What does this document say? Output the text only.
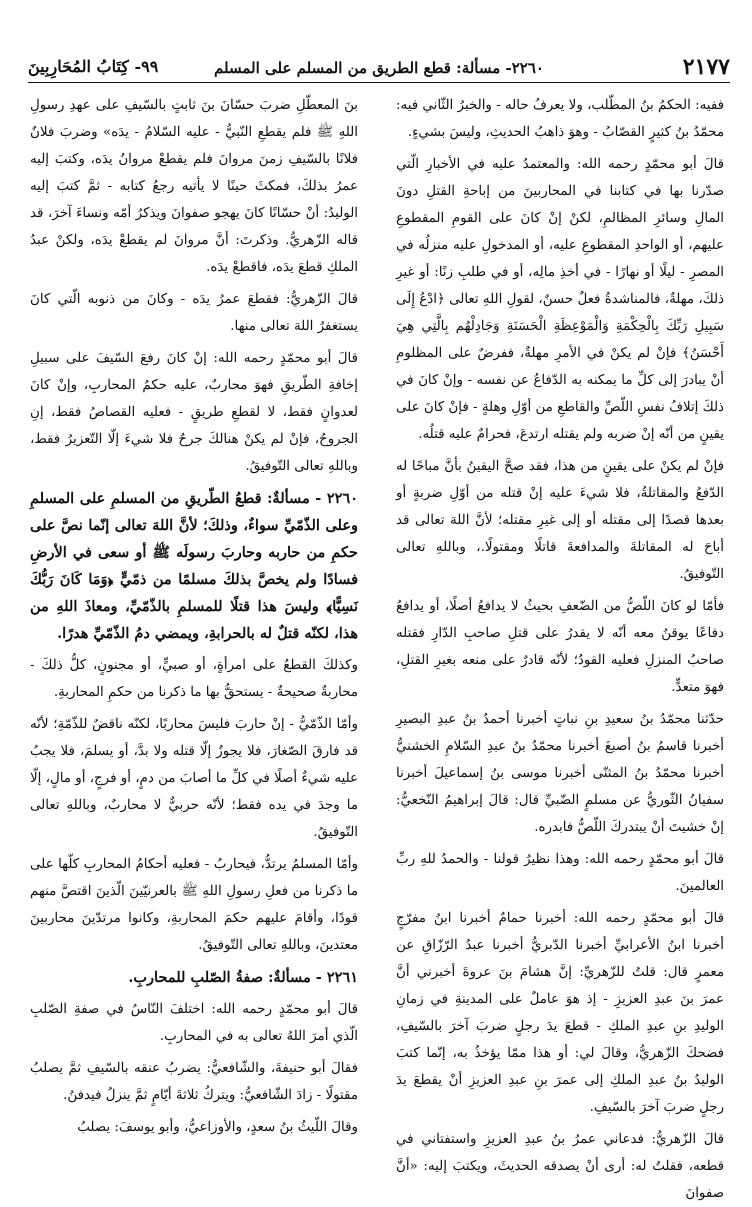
٢١٧٧
٢٢٦٠- مسألة: قطع الطريق من المسلم على المسلم
٩٩- كِتَابُ المُحَارِبِينَ

ففيه: الحكمُ بنُ المطّلب، ولا يعرفُ حاله - والخبرُ الثّاني فيه: محمّدُ بنُ كثيرٍ القصّابُ - وهوَ ذاهبُ الحديثِ، وليسَ بشيءٍ.

قالَ أبو محمّدٍ رحمه الله: والمعتمدُ عليه في الأخبارِ الّتي صدّرنا بها في كتابنا في المحاربينَ من إباحةِ القتلِ دونَ المالِ وسائرِ المظالمِ، لكنْ إنْ كانَ على القومِ المقطوعِ عليهم، أو الواحدِ المقطوعِ عليه، أو المدخولِ عليه منزلُه في المصرِ - ليلًا أو نهارًا - في أخذِ مالِه، أو في طلبِ زنًا: أو غيرِ ذلكَ، مهلةٌ، فالمناشدةُ فعلٌ حسنٌ، لقولِ اللهِ تعالى ﴿ادْعُ إِلَى سَبِيلِ رَبِّكَ بِالْحِكْمَةِ وَالْمَوْعِظَةِ الْحَسَنَةِ وَجَادِلْهُم بِالَّتِي هِيَ أَحْسَنُ﴾ فإنْ لم يكنْ في الأمرِ مهلةٌ، ففرضٌ على المظلومِ أنْ يبادرَ إلى كلِّ ما يمكنه به الدّفاعُ عن نفسه - وإنْ كانَ في ذلكَ إتلافُ نفسِ اللّصِّ والقاطعِ من أوّلِ وهلةٍ - فإنْ كانَ على يقينٍ من أنّه إنْ ضربه ولم يقتله ارتدعَ، فحرامٌ عليه قتلُه.

فإنْ لم يكنْ على يقينٍ من هذا، فقد صحَّ اليقينُ بأنَّ مباحًا له الدّفعُ والمقاتلةُ، فلا شيءَ عليه إنْ قتله من أوّلِ ضربةٍ أو بعدها قصدًا إلى مقتله أو إلى غيرِ مقتله؛ لأنَّ اللهَ تعالى قد أباحَ له المقاتلةَ والمدافعةَ قاتلًا ومقتولًا.، وباللهِ تعالى التّوفيقُ.

فأمّا لو كانَ اللّصُّ من الضّعفِ بحيثُ لا يدافعُ أصلًا، أو يدافعُ دفاعًا يوقنُ معه أنّه لا يقدرُ على قتلِ صاحبِ الدّارِ فقتله صاحبُ المنزلِ فعليه القودُ؛ لأنّه قادرٌ على منعه بغيرِ القتلِ، فهوَ متعدٍّ.

حدّثنا محمّدُ بنُ سعيدِ بنِ نباتٍ أخبرنا أحمدُ بنُ عبدِ البصيرِ أخبرنا قاسمُ بنُ أصبغَ أخبرنا محمّدُ بنُ عبدِ السّلامِ الخشنيُّ أخبرنا محمّدُ بنُ المثنّى أخبرنا موسى بنُ إسماعيلَ أخبرنا سفيانُ الثّوريُّ عن مسلمٍ الضّبيِّ قال: قالَ إبراهيمُ النّخعيُّ: إنْ خشيتَ أنْ يبتدركَ اللّصُّ فابدره.

قالَ أبو محمّدٍ رحمه الله: وهذا نظيرُ قولنا - والحمدُ للهِ ربِّ العالمينَ.

قالَ أبو محمّدٍ رحمه الله: أخبرنا حمامٌ أخبرنا ابنُ مفرّجٍ أخبرنا ابنُ الأعرابيِّ أخبرنا الدّبريُّ أخبرنا عبدُ الرّزّاقِ عن معمرٍ قال: قلتُ للزّهريِّ: إنَّ هشامَ بنَ عروةَ أخبرني أنَّ عمرَ بنَ عبدِ العزيزِ - إذ هوَ عاملٌ على المدينةِ في زمانِ الوليدِ بنِ عبدِ الملكِ - قطعَ يدَ رجلٍ ضربَ آخرَ بالسّيفِ، فضحكَ الزّهريُّ، وقالَ لي: أو هذا ممّا يؤخذُ به، إنّما كتبَ الوليدُ بنُ عبدِ الملكِ إلى عمرَ بنِ عبدِ العزيزِ أنْ يقطعَ يدَ رجلٍ ضربَ آخرَ بالسّيفِ.

قالَ الزّهريُّ: فدعاني عمرُ بنُ عبدِ العزيزِ واستفتاني في قطعه، فقلتُ له: أرى أنْ يصدقه الحديثَ، ويكتبَ إليه: «أنَّ صفوانَ

بنَ المعطّلِ ضربَ حسّانَ بنَ ثابتٍ بالسّيفِ على عهدِ رسولِ اللهِ ﷺ فلم يقطعِ النّبيُّ - عليه السّلامُ - يدَه» وضربَ فلانٌ فلانًا بالسّيفِ زمنَ مروانَ فلم يقطعْ مروانُ يدَه، وكتبَ إليه عمرُ بذلكَ، فمكثَ حينًا لا يأتيه رجعُ كتابه - ثمَّ كتبَ إليه الوليدُ: أنْ حسّانًا كانَ يهجو صفوانَ ويذكرُ أمّه ونساءَ آخرَ، قد قاله الزّهريُّ. وذكرتَ: أنَّ مروانَ لم يقطعْ يدَه، ولكنْ عبدُ الملكِ قطعَ يدَه، فاقطعْ يدَه.

قالَ الزّهريُّ: فقطعَ عمرُ يدَه - وكانَ من ذنوبه الّتي كانَ يستغفرُ اللهَ تعالى منها.

قالَ أبو محمّدٍ رحمه الله: إنْ كانَ رفعَ السّيفَ على سبيلِ إخافةِ الطّريقِ فهوَ محاربٌ، عليه حكمُ المحاربِ، وإنْ كانَ لعدوانٍ فقط، لا لقطعِ طريقٍ - فعليه القصاصُ فقط، إنِ الجروحُ، فإنْ لم يكنْ هنالكَ جرحٌ فلا شيءَ إلّا التّعزيرُ فقط، وباللهِ تعالى التّوفيقُ.

٢٢٦٠ - مسألةٌ: قطعُ الطّريقِ من المسلمِ على المسلمِ وعلى الذّمّيِّ سواءٌ، وذلكَ؛ لأنَّ اللهَ تعالى إنّما نصَّ على حكمِ من حاربه وحاربَ رسولَه ﷺ أو سعى في الأرضِ فسادًا ولم يخصَّ بذلكَ مسلمًا من ذمّيٍّ ﴿وَمَا كَانَ رَبُّكَ نَسِيًّا﴾ وليسَ هذا قتلًا للمسلمِ بالذّمّيِّ، ومعاذَ اللهِ من هذا، لكنّه قتلٌ له بالحرابةِ، ويمضي دمُ الذّمّيِّ هدرًا.

وكذلكَ القطعُ على امرأةٍ، أو صبيٍّ، أو مجنونٍ، كلُّ ذلكَ - محاربةٌ صحيحةٌ - يستحقُّ بها ما ذكرنا من حكمِ المحاربةِ.

وأمّا الذّمّيُّ - إنْ حاربَ فليسَ محاربًا، لكنّه ناقضٌ للذّمّةِ؛ لأنّه قد فارقَ الصّغارَ، فلا يجوزُ إلّا قتله ولا بدَّ، أو يسلمَ، فلا يجبُ عليه شيءٌ أصلًا في كلِّ ما أصابَ من دمٍ، أو فرجٍ، أو مالٍ، إلّا ما وجدَ في يده فقط؛ لأنّه حربيٌّ لا محاربٌ، وباللهِ تعالى التّوفيقُ.

وأمّا المسلمُ يرتدُّ، فيحاربُ - فعليه أحكامُ المحاربِ كلّها على ما ذكرنا من فعلِ رسولِ اللهِ ﷺ بالعرنيّينَ الّذينَ اقتصَّ منهم قودًا، وأقامَ عليهم حكمَ المحاربةِ، وكانوا مرتدّينَ محاربينَ معتدينَ، وباللهِ تعالى التّوفيقُ.

٢٢٦١ - مسألةٌ: صفةُ الصّلبِ للمحاربِ.

قالَ أبو محمّدٍ رحمه الله: اختلفَ النّاسُ في صفةِ الصّلبِ الّذي أمرَ اللهُ تعالى به في المحاربِ.

فقالَ أبو حنيفةَ، والشّافعيُّ: يضربُ عنقه بالسّيفِ ثمَّ يصلبُ مقتولًا - زادَ الشّافعيُّ: ويتركُ ثلاثةَ أيّامٍ ثمَّ ينزلُ فيدفنُ.

وقالَ اللّيثُ بنُ سعدٍ، والأوزاعيُّ، وأبو يوسفَ: يصلبُ
